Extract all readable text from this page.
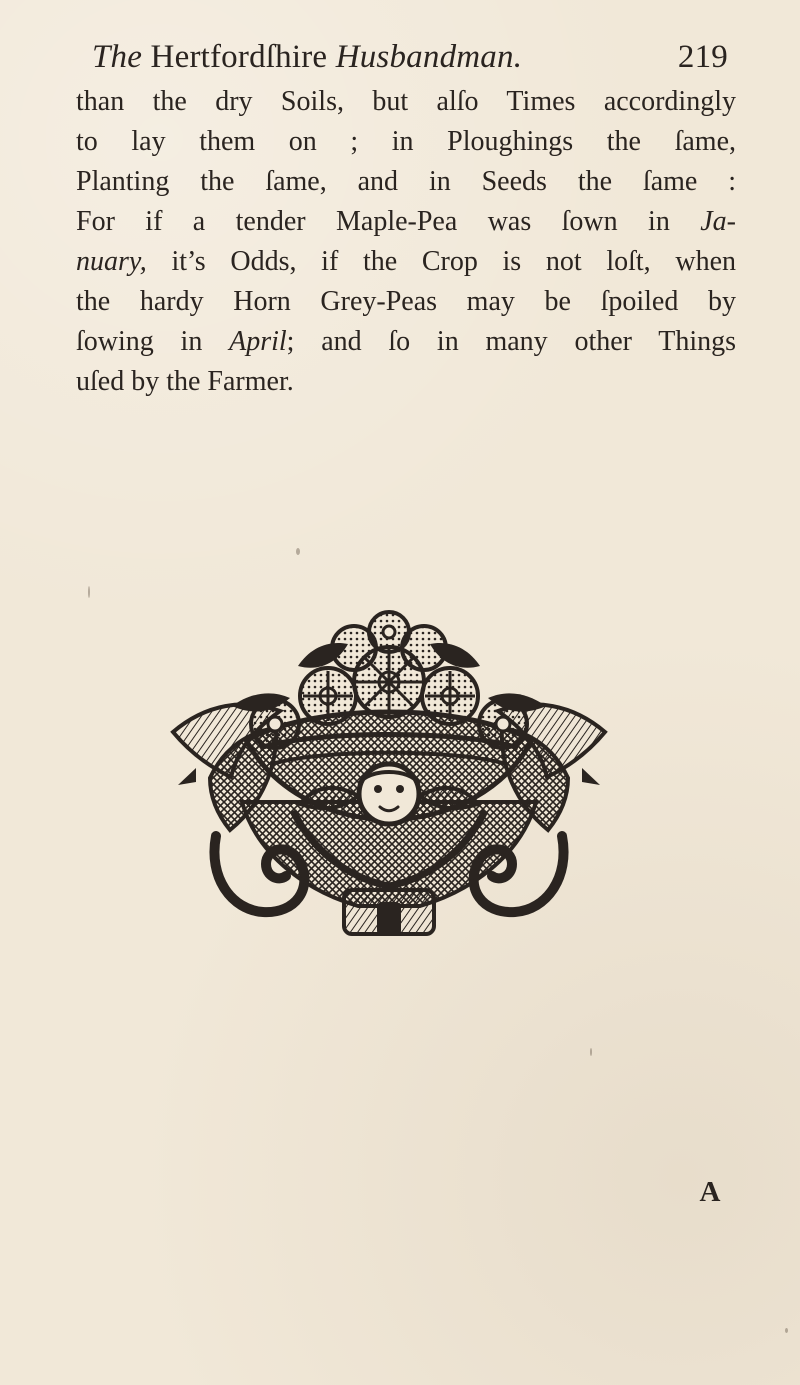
The Hertfordſhire Husbandman.	219
than the dry Soils, but alſo Times accordingly
to lay them on ; in Ploughings the ſame,
Planting the ſame, and in Seeds the ſame :
For if a tender Maple-Pea was ſown in Ja-
nuary, it’s Odds, if the Crop is not loſt, when
the hardy Horn Grey-Peas may be ſpoiled by
ſowing in April; and ſo in many other Things
uſed by the Farmer.
A
